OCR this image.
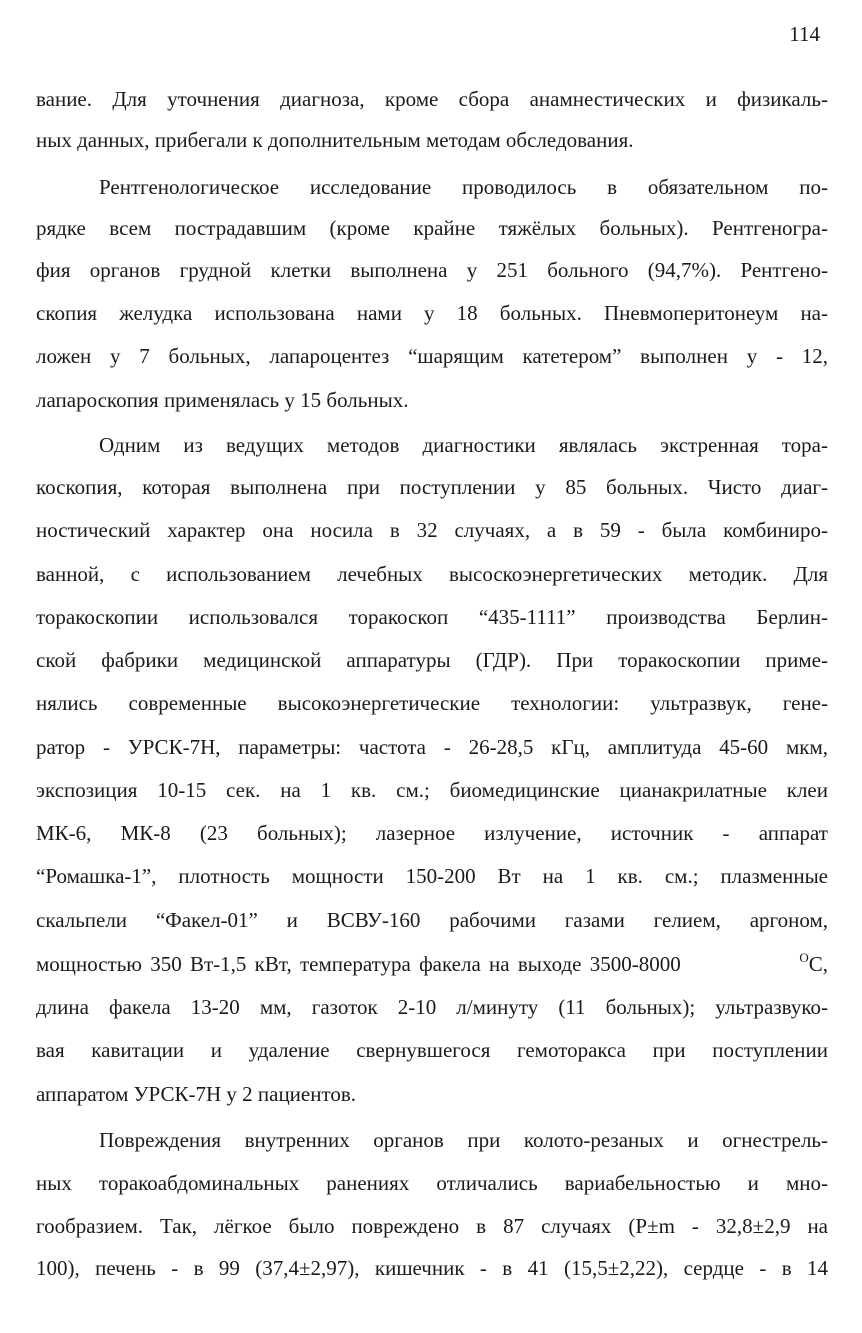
114
вание. Для уточнения диагноза, кроме сбора анамнестических и физикаль-
ных данных, прибегали к дополнительным методам обследования.
Рентгенологическое исследование проводилось в обязательном по-
рядке всем пострадавшим (кроме крайне тяжёлых больных). Рентгеногра-
фия органов грудной клетки выполнена у 251 больного (94,7%). Рентгено-
скопия желудка использована нами у 18 больных. Пневмоперитонеум на-
ложен у 7 больных, лапароцентез “шарящим катетером” выполнен у - 12,
лапароскопия применялась у 15 больных.
Одним из ведущих методов диагностики являлась экстренная тора-
коскопия, которая выполнена при поступлении у 85 больных. Чисто диаг-
ностический характер она носила в 32 случаях, а в 59 - была комбиниро-
ванной, с использованием лечебных высоскоэнергетических методик. Для
торакоскопии использовался торакоскоп “435-1111” производства Берлин-
ской фабрики медицинской аппаратуры (ГДР). При торакоскопии приме-
нялись современные высокоэнергетические технологии: ультразвук, гене-
ратор - УРСК-7Н, параметры: частота - 26-28,5 кГц, амплитуда 45-60 мкм,
экспозиция 10-15 сек. на 1 кв. см.; биомедицинские цианакрилатные клеи
МК-6, МК-8 (23 больных); лазерное излучение, источник - аппарат
“Ромашка-1”, плотность мощности 150-200 Вт на 1 кв. см.; плазменные
скальпели “Факел-01” и ВСВУ-160 рабочими газами гелием, аргоном,
мощностью 350 Вт-1,5 кВт, температура факела на выходе 3500-8000	$^O$С,
длина факела 13-20 мм, газоток 2-10 л/минуту (11 больных); ультразвуко-
вая кавитации и удаление свернувшегося гемоторакса при поступлении
аппаратом УРСК-7Н у 2 пациентов.
Повреждения внутренних органов при колото-резаных и огнестрель-
ных торакоабдоминальных ранениях отличались вариабельностью и мно-
гообразием. Так, лёгкое было повреждено в 87 случаях (P±m - 32,8±2,9 на
100), печень - в 99 (37,4±2,97), кишечник - в 41 (15,5±2,22), сердце - в 14
